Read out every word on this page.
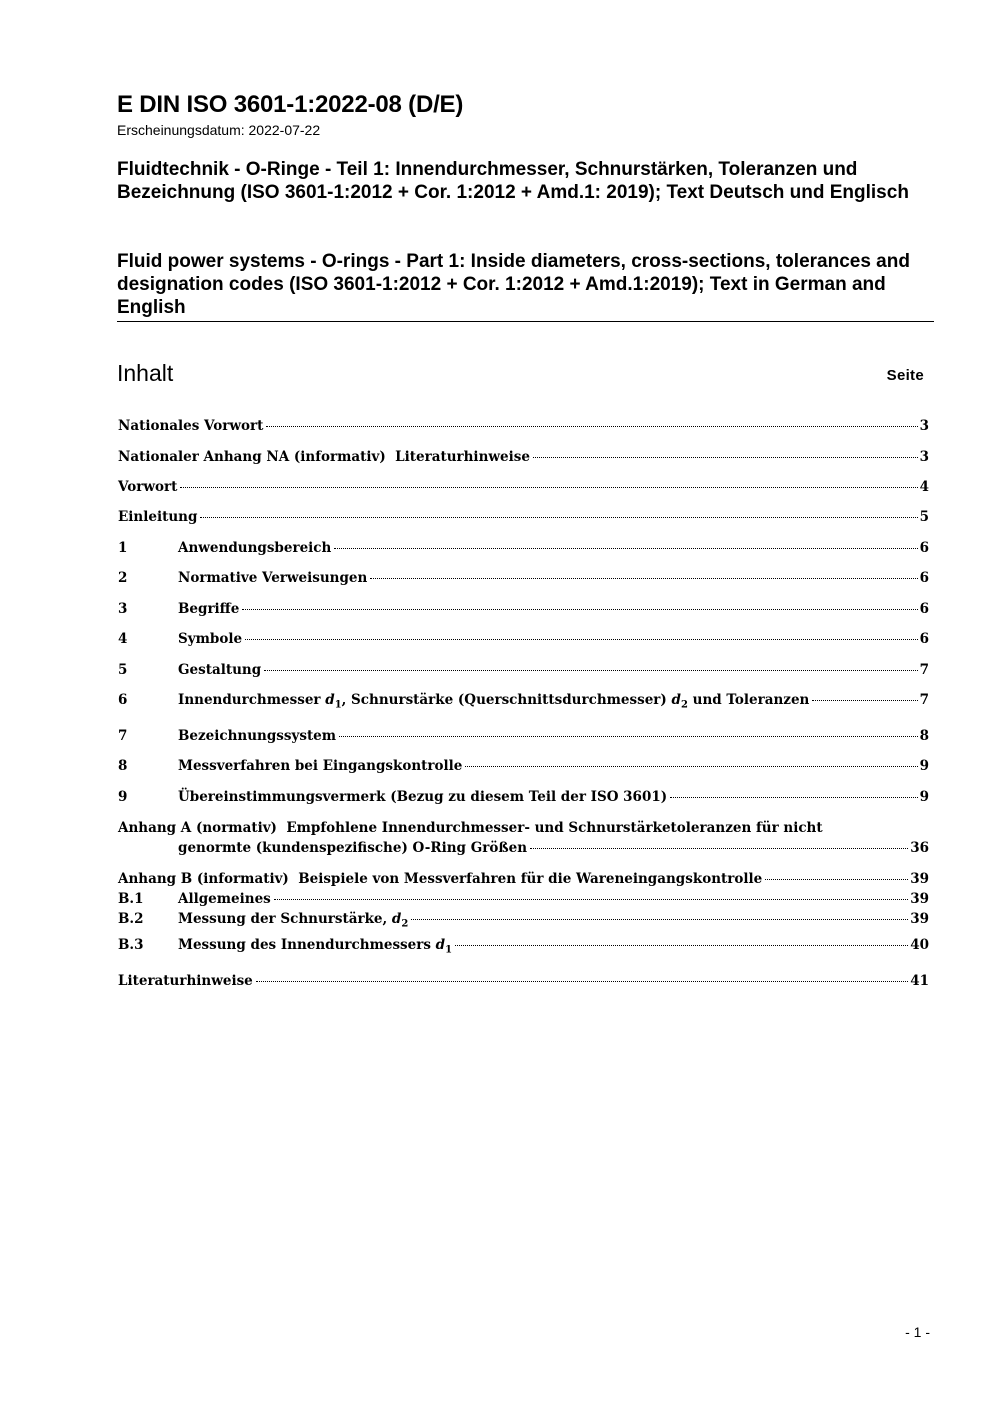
E DIN ISO 3601-1:2022-08 (D/E)
Erscheinungsdatum: 2022-07-22
Fluidtechnik - O-Ringe - Teil 1: Innendurchmesser, Schnurstärken, Toleranzen und Bezeichnung (ISO 3601-1:2012 + Cor. 1:2012 + Amd.1: 2019); Text Deutsch und Englisch
Fluid power systems - O-rings - Part 1: Inside diameters, cross-sections, tolerances and designation codes (ISO 3601-1:2012 + Cor. 1:2012 + Amd.1:2019); Text in German and English
Inhalt	Seite
Nationales Vorwort	3
Nationaler Anhang NA (informativ)  Literaturhinweise	3
Vorwort	4
Einleitung	5
1	Anwendungsbereich	6
2	Normative Verweisungen	6
3	Begriffe	6
4	Symbole	6
5	Gestaltung	7
6	Innendurchmesser $d_1$, Schnurstärke (Querschnittsdurchmesser) $d_2$ und Toleranzen	7
7	Bezeichnungssystem	8
8	Messverfahren bei Eingangskontrolle	9
9	Übereinstimmungsvermerk (Bezug zu diesem Teil der ISO 3601)	9
Anhang A (normativ)  Empfohlene Innendurchmesser- und Schnurstärketoleranzen für nicht
genormte (kundenspezifische) O-Ring Größen	36
Anhang B (informativ)  Beispiele von Messverfahren für die Wareneingangskontrolle	39
B.1	Allgemeines	39
B.2	Messung der Schnurstärke, $d_2$	39
B.3	Messung des Innendurchmessers $d_1$	40
Literaturhinweise	41
- 1 -
